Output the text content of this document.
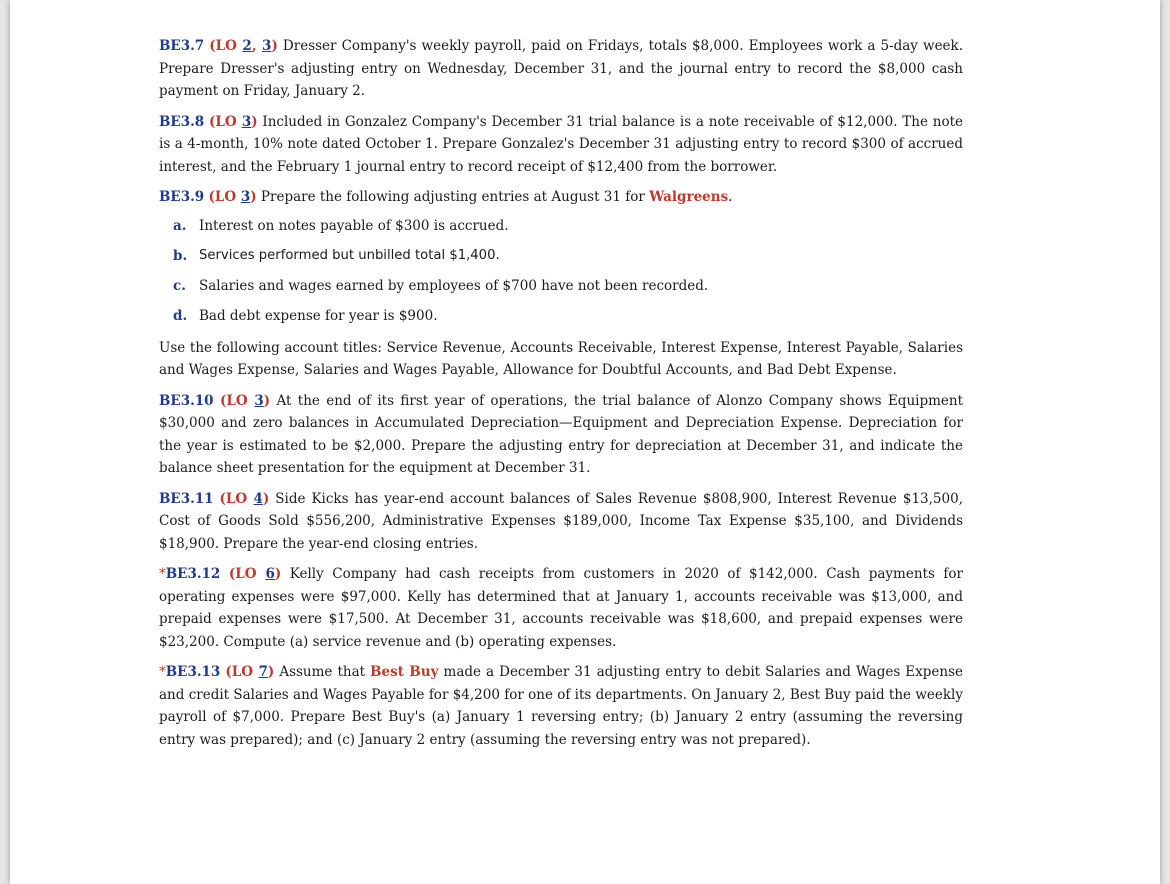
BE3.7 (LO 2, 3) Dresser Company's weekly payroll, paid on Fridays, totals $8,000. Employees work a 5-day week. Prepare Dresser's adjusting entry on Wednesday, December 31, and the journal entry to record the $8,000 cash payment on Friday, January 2.

BE3.8 (LO 3) Included in Gonzalez Company's December 31 trial balance is a note receivable of $12,000. The note is a 4-month, 10% note dated October 1. Prepare Gonzalez's December 31 adjusting entry to record $300 of accrued interest, and the February 1 journal entry to record receipt of $12,400 from the borrower.

BE3.9 (LO 3) Prepare the following adjusting entries at August 31 for Walgreens.

a. Interest on notes payable of $300 is accrued.
b. Services performed but unbilled total $1,400.
c. Salaries and wages earned by employees of $700 have not been recorded.
d. Bad debt expense for year is $900.

Use the following account titles: Service Revenue, Accounts Receivable, Interest Expense, Interest Payable, Salaries and Wages Expense, Salaries and Wages Payable, Allowance for Doubtful Accounts, and Bad Debt Expense.

BE3.10 (LO 3) At the end of its first year of operations, the trial balance of Alonzo Company shows Equipment $30,000 and zero balances in Accumulated Depreciation—Equipment and Depreciation Expense. Depreciation for the year is estimated to be $2,000. Prepare the adjusting entry for depreciation at December 31, and indicate the balance sheet presentation for the equipment at December 31.

BE3.11 (LO 4) Side Kicks has year-end account balances of Sales Revenue $808,900, Interest Revenue $13,500, Cost of Goods Sold $556,200, Administrative Expenses $189,000, Income Tax Expense $35,100, and Dividends $18,900. Prepare the year-end closing entries.

*BE3.12 (LO 6) Kelly Company had cash receipts from customers in 2020 of $142,000. Cash payments for operating expenses were $97,000. Kelly has determined that at January 1, accounts receivable was $13,000, and prepaid expenses were $17,500. At December 31, accounts receivable was $18,600, and prepaid expenses were $23,200. Compute (a) service revenue and (b) operating expenses.

*BE3.13 (LO 7) Assume that Best Buy made a December 31 adjusting entry to debit Salaries and Wages Expense and credit Salaries and Wages Payable for $4,200 for one of its departments. On January 2, Best Buy paid the weekly payroll of $7,000. Prepare Best Buy's (a) January 1 reversing entry; (b) January 2 entry (assuming the reversing entry was prepared); and (c) January 2 entry (assuming the reversing entry was not prepared).
